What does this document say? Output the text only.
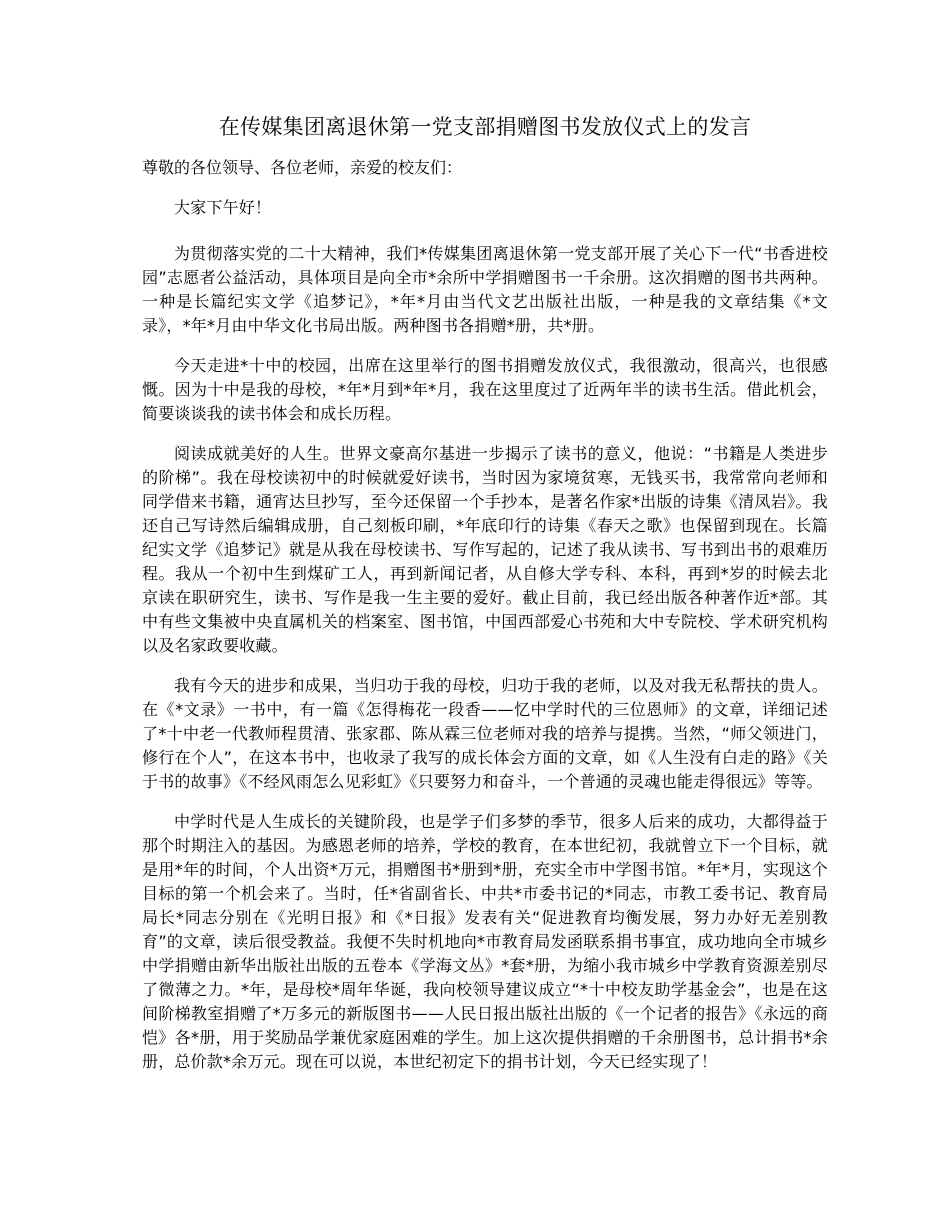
在传媒集团离退休第一党支部捐赠图书发放仪式上的发言

尊敬的各位领导、各位老师，亲爱的校友们：

大家下午好！

为贯彻落实党的二十大精神，我们*传媒集团离退休第一党支部开展了关心下一代“书香进校园”志愿者公益活动，具体项目是向全市*余所中学捐赠图书一千余册。这次捐赠的图书共两种。一种是长篇纪实文学《追梦记》，*年*月由当代文艺出版社出版，一种是我的文章结集《*文录》，*年*月由中华文化书局出版。两种图书各捐赠*册，共*册。

今天走进*十中的校园，出席在这里举行的图书捐赠发放仪式，我很激动，很高兴，也很感慨。因为十中是我的母校，*年*月到*年*月，我在这里度过了近两年半的读书生活。借此机会，简要谈谈我的读书体会和成长历程。

阅读成就美好的人生。世界文豪高尔基进一步揭示了读书的意义，他说：“书籍是人类进步的阶梯”。我在母校读初中的时候就爱好读书，当时因为家境贫寒，无钱买书，我常常向老师和同学借来书籍，通宵达旦抄写，至今还保留一个手抄本，是著名作家*出版的诗集《清凤岩》。我还自己写诗然后编辑成册，自己刻板印刷，*年底印行的诗集《春天之歌》也保留到现在。长篇纪实文学《追梦记》就是从我在母校读书、写作写起的，记述了我从读书、写书到出书的艰难历程。我从一个初中生到煤矿工人，再到新闻记者，从自修大学专科、本科，再到*岁的时候去北京读在职研究生，读书、写作是我一生主要的爱好。截止目前，我已经出版各种著作近*部。其中有些文集被中央直属机关的档案室、图书馆，中国西部爱心书苑和大中专院校、学术研究机构以及名家政要收藏。

我有今天的进步和成果，当归功于我的母校，归功于我的老师，以及对我无私帮扶的贵人。在《*文录》一书中，有一篇《怎得梅花一段香——忆中学时代的三位恩师》的文章，详细记述了*十中老一代教师程贯清、张家郡、陈从霖三位老师对我的培养与提携。当然，“师父领进门，修行在个人”，在这本书中，也收录了我写的成长体会方面的文章，如《人生没有白走的路》《关于书的故事》《不经风雨怎么见彩虹》《只要努力和奋斗，一个普通的灵魂也能走得很远》等等。

中学时代是人生成长的关键阶段，也是学子们多梦的季节，很多人后来的成功，大都得益于那个时期注入的基因。为感恩老师的培养，学校的教育，在本世纪初，我就曾立下一个目标，就是用*年的时间，个人出资*万元，捐赠图书*册到*册，充实全市中学图书馆。*年*月，实现这个目标的第一个机会来了。当时，任*省副省长、中共*市委书记的*同志，市教工委书记、教育局局长*同志分别在《光明日报》和《*日报》发表有关“促进教育均衡发展，努力办好无差别教育”的文章，读后很受教益。我便不失时机地向*市教育局发函联系捐书事宜，成功地向全市城乡中学捐赠由新华出版社出版的五卷本《学海文丛》*套*册，为缩小我市城乡中学教育资源差别尽了微薄之力。*年，是母校*周年华诞，我向校领导建议成立“*十中校友助学基金会”，也是在这间阶梯教室捐赠了*万多元的新版图书——人民日报出版社出版的《一个记者的报告》《永远的商恺》各*册，用于奖励品学兼优家庭困难的学生。加上这次提供捐赠的千余册图书，总计捐书*余册，总价款*余万元。现在可以说，本世纪初定下的捐书计划，今天已经实现了！
